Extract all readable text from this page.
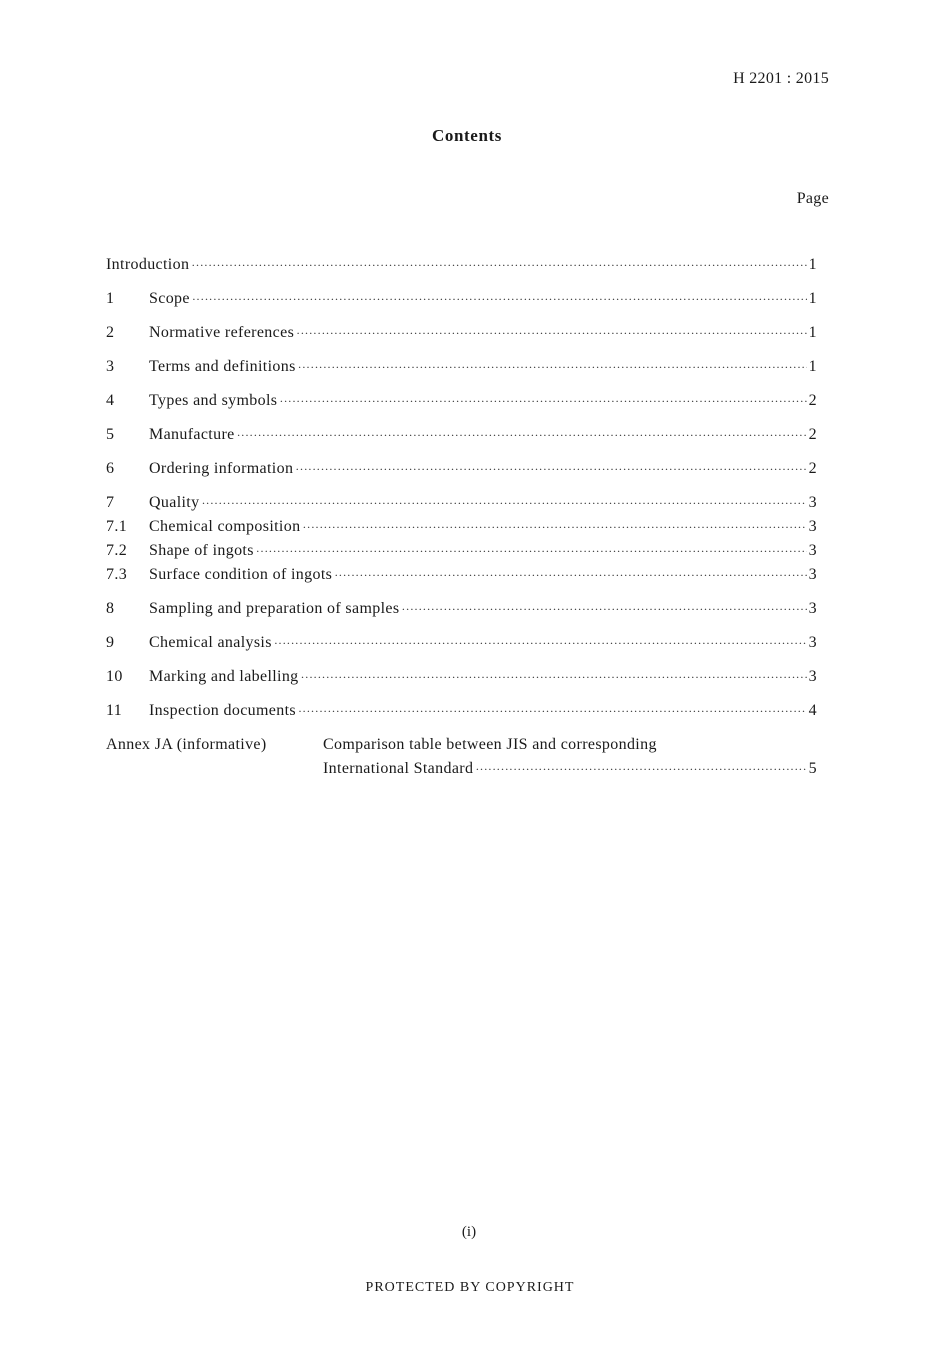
H 2201 : 2015
Contents
Page
Introduction ·····	1
1	Scope ·····	1
2	Normative references ·····	1
3	Terms and definitions ·····	1
4	Types and symbols ·····	2
5	Manufacture ·····	2
6	Ordering information ·····	2
7	Quality ·····	3
7.1	Chemical composition ·····	3
7.2	Shape of ingots ·····	3
7.3	Surface condition of ingots ·····	3
8	Sampling and preparation of samples ·····	3
9	Chemical analysis ·····	3
10	Marking and labelling ·····	3
11	Inspection documents ·····	4
Annex JA (informative)	Comparison table between JIS and corresponding
International Standard ·····	5
(i)
PROTECTED BY COPYRIGHT
